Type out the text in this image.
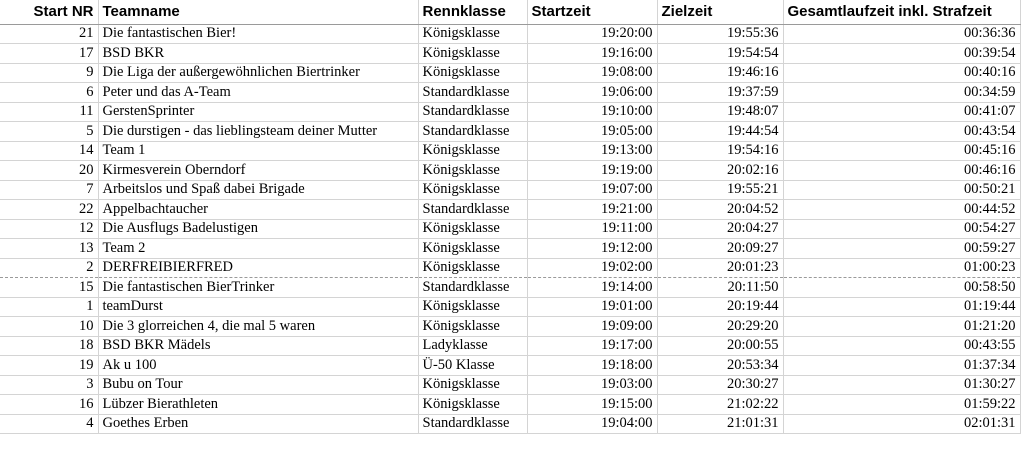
Start NR	Teamname	Rennklasse	Startzeit	Zielzeit	Gesamtlaufzeit inkl. Strafzeit
21	Die fantastischen Bier!	Königsklasse	19:20:00	19:55:36	00:36:36
17	BSD BKR	Königsklasse	19:16:00	19:54:54	00:39:54
9	Die Liga der außergewöhnlichen Biertrinker	Königsklasse	19:08:00	19:46:16	00:40:16
6	Peter und das A-Team	Standardklasse	19:06:00	19:37:59	00:34:59
11	GerstenSprinter	Standardklasse	19:10:00	19:48:07	00:41:07
5	Die durstigen - das lieblingsteam deiner Mutter	Standardklasse	19:05:00	19:44:54	00:43:54
14	Team 1	Königsklasse	19:13:00	19:54:16	00:45:16
20	Kirmesverein Oberndorf	Königsklasse	19:19:00	20:02:16	00:46:16
7	Arbeitslos und Spaß dabei Brigade	Königsklasse	19:07:00	19:55:21	00:50:21
22	Appelbachtaucher	Standardklasse	19:21:00	20:04:52	00:44:52
12	Die Ausflugs Badelustigen	Königsklasse	19:11:00	20:04:27	00:54:27
13	Team 2	Königsklasse	19:12:00	20:09:27	00:59:27
2	DERFREIBIERFRED	Königsklasse	19:02:00	20:01:23	01:00:23
15	Die fantastischen BierTrinker	Standardklasse	19:14:00	20:11:50	00:58:50
1	teamDurst	Königsklasse	19:01:00	20:19:44	01:19:44
10	Die 3 glorreichen 4, die mal 5 waren	Königsklasse	19:09:00	20:29:20	01:21:20
18	BSD BKR Mädels	Ladyklasse	19:17:00	20:00:55	00:43:55
19	Ak u 100	Ü-50 Klasse	19:18:00	20:53:34	01:37:34
3	Bubu on Tour	Königsklasse	19:03:00	20:30:27	01:30:27
16	Lübzer Bierathleten	Königsklasse	19:15:00	21:02:22	01:59:22
4	Goethes Erben	Standardklasse	19:04:00	21:01:31	02:01:31
